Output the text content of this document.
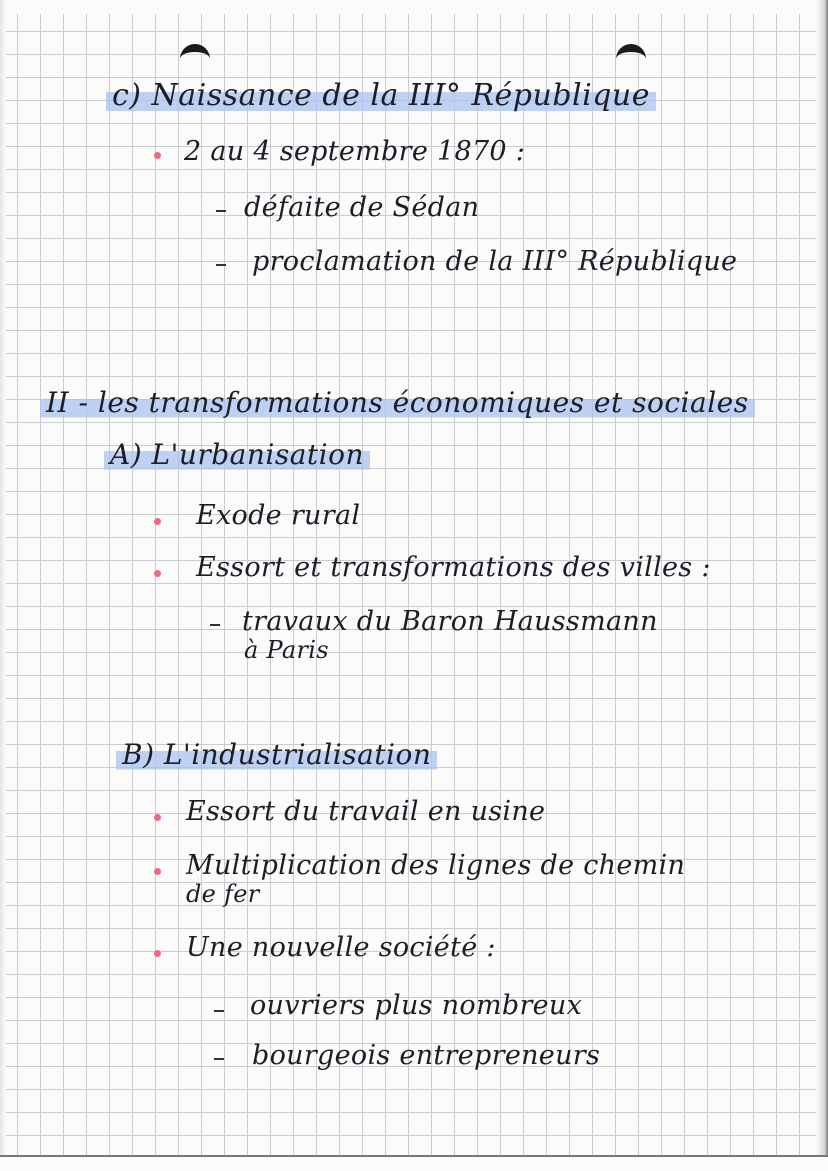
c) Naissance de la III° République
2 au 4 septembre 1870 :
défaite de Sédan
proclamation de la III° République
II - les transformations économiques et sociales
A) L'urbanisation
Exode rural
Essort et transformations des villes :
travaux du Baron Haussmann
à Paris
B) L'industrialisation
Essort du travail en usine
Multiplication des lignes de chemin
de fer
Une nouvelle société :
ouvriers plus nombreux
bourgeois entrepreneurs
